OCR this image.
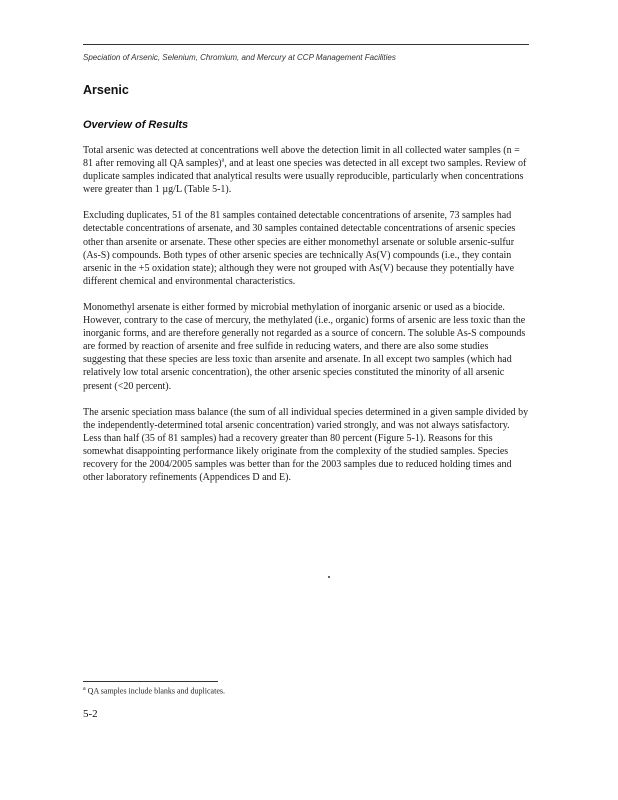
Speciation of Arsenic, Selenium, Chromium, and Mercury at CCP Management Facilities
Arsenic
Overview of Results

Total arsenic was detected at concentrations well above the detection limit in all collected water samples (n = 81 after removing all QA samples)$^a$, and at least one species was detected in all except two samples. Review of duplicate samples indicated that analytical results were usually reproducible, particularly when concentrations were greater than 1 µg/L (Table 5-1).

Excluding duplicates, 51 of the 81 samples contained detectable concentrations of arsenite, 73 samples had detectable concentrations of arsenate, and 30 samples contained detectable concentrations of arsenic species other than arsenite or arsenate. These other species are either monomethyl arsenate or soluble arsenic-sulfur (As-S) compounds. Both types of other arsenic species are technically As(V) compounds (i.e., they contain arsenic in the +5 oxidation state); although they were not grouped with As(V) because they potentially have different chemical and environmental characteristics.

Monomethyl arsenate is either formed by microbial methylation of inorganic arsenic or used as a biocide. However, contrary to the case of mercury, the methylated (i.e., organic) forms of arsenic are less toxic than the inorganic forms, and are therefore generally not regarded as a source of concern. The soluble As-S compounds are formed by reaction of arsenite and free sulfide in reducing waters, and there are also some studies suggesting that these species are less toxic than arsenite and arsenate. In all except two samples (which had relatively low total arsenic concentration), the other arsenic species constituted the minority of all arsenic present (<20 percent).

The arsenic speciation mass balance (the sum of all individual species determined in a given sample divided by the independently-determined total arsenic concentration) varied strongly, and was not always satisfactory. Less than half (35 of 81 samples) had a recovery greater than 80 percent (Figure 5-1). Reasons for this somewhat disappointing performance likely originate from the complexity of the studied samples. Species recovery for the 2004/2005 samples was better than for the 2003 samples due to reduced holding times and other laboratory refinements (Appendices D and E).

$^a$ QA samples include blanks and duplicates.
5-2
